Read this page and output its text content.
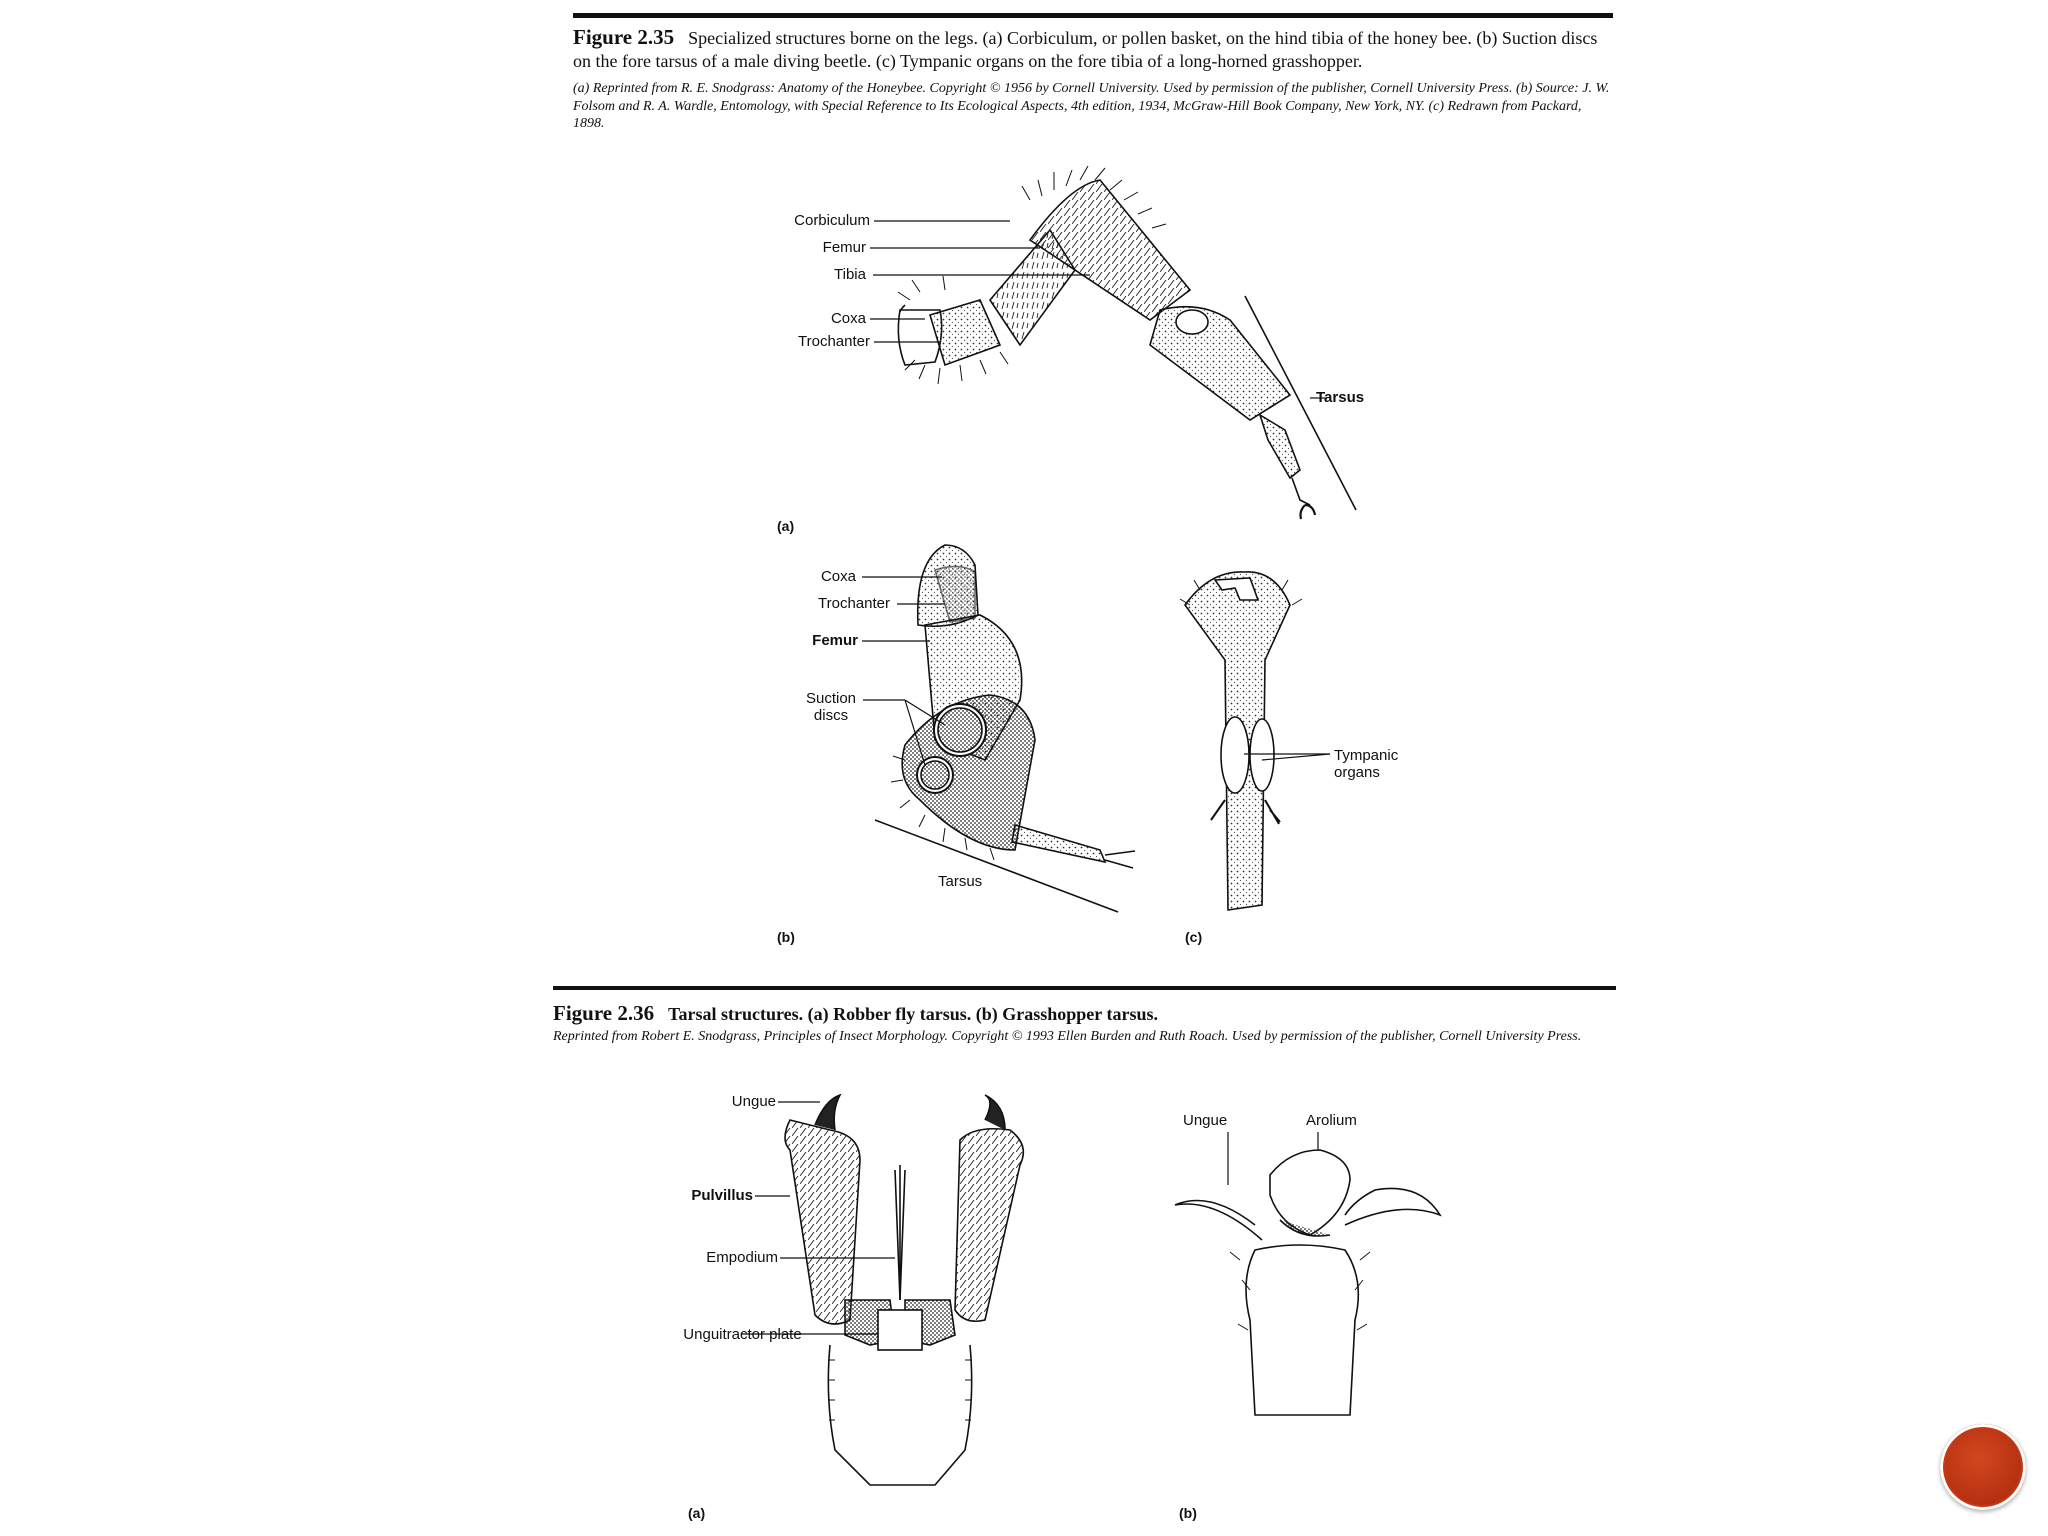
Figure 2.35 Specialized structures borne on the legs. (a) Corbiculum, or pollen basket, on the hind tibia of the honey bee. (b) Suction discs on the fore tarsus of a male diving beetle. (c) Tympanic organs on the fore tibia of a long-horned grasshopper.
(a) Reprinted from R. E. Snodgrass: Anatomy of the Honeybee. Copyright © 1956 by Cornell University. Used by permission of the publisher, Cornell University Press. (b) Source: J. W. Folsom and R. A. Wardle, Entomology, with Special Reference to Its Ecological Aspects, 4th edition, 1934, McGraw-Hill Book Company, New York, NY. (c) Redrawn from Packard, 1898.
Corbiculum
Femur
Tibia
Coxa
Trochanter
Tarsus
(a)
Coxa
Trochanter
Femur
Suction discs
Tarsus
(b)
Tympanic organs
(c)
Figure 2.36 Tarsal structures. (a) Robber fly tarsus. (b) Grasshopper tarsus.
Reprinted from Robert E. Snodgrass, Principles of Insect Morphology. Copyright © 1993 Ellen Burden and Ruth Roach. Used by permission of the publisher, Cornell University Press.
Ungue
Pulvillus
Empodium
Unguitractor plate
(a)
Ungue	Arolium
(b)
